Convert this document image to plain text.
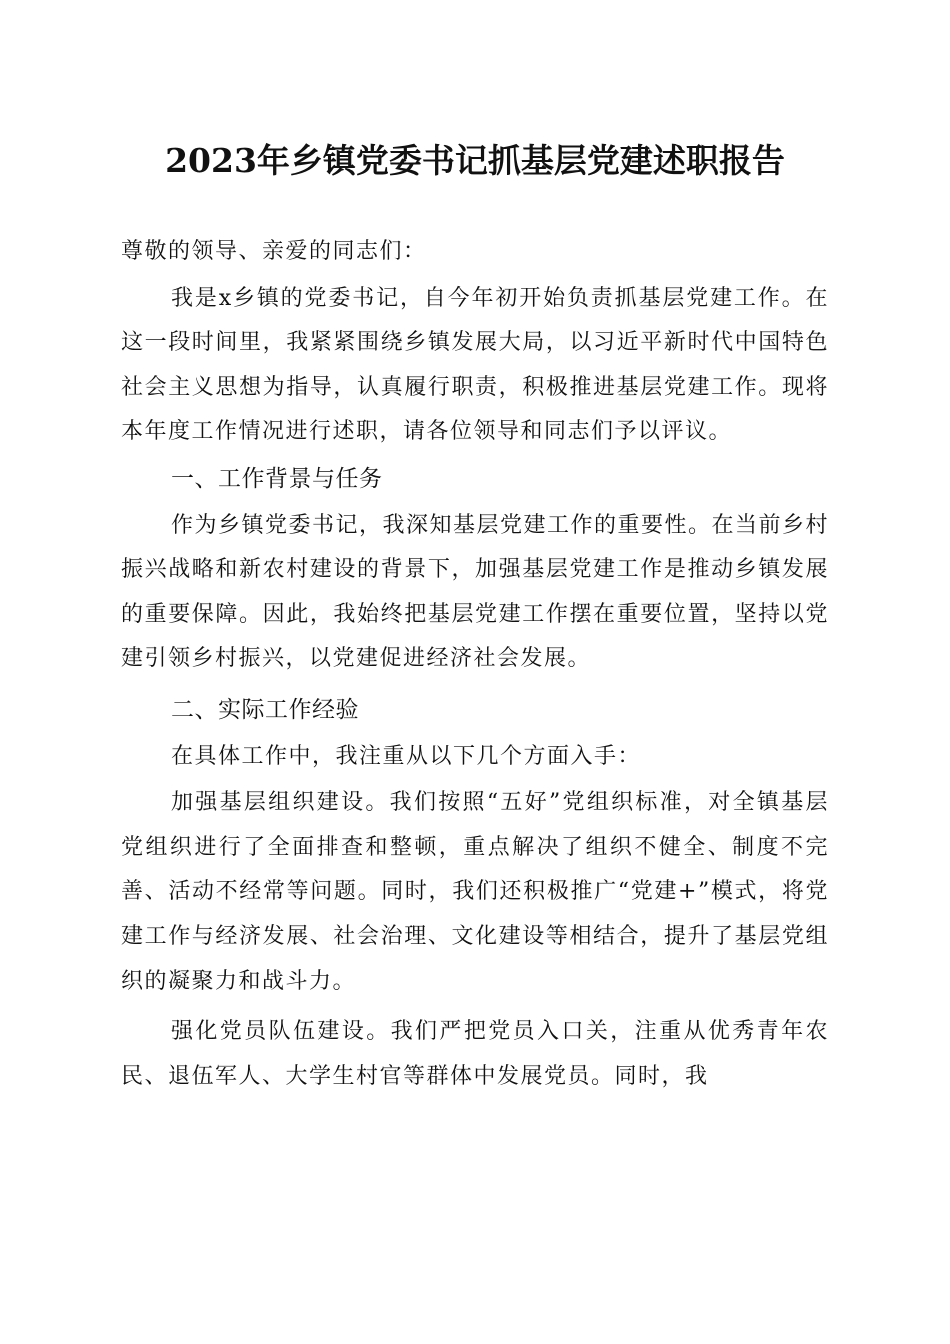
2023年乡镇党委书记抓基层党建述职报告

尊敬的领导、亲爱的同志们：

我是x乡镇的党委书记，自今年初开始负责抓基层党建工作。在这一段时间里，我紧紧围绕乡镇发展大局，以习近平新时代中国特色社会主义思想为指导，认真履行职责，积极推进基层党建工作。现将本年度工作情况进行述职，请各位领导和同志们予以评议。

一、工作背景与任务

作为乡镇党委书记，我深知基层党建工作的重要性。在当前乡村振兴战略和新农村建设的背景下，加强基层党建工作是推动乡镇发展的重要保障。因此，我始终把基层党建工作摆在重要位置，坚持以党建引领乡村振兴，以党建促进经济社会发展。

二、实际工作经验

在具体工作中，我注重从以下几个方面入手：

加强基层组织建设。我们按照“五好”党组织标准，对全镇基层党组织进行了全面排查和整顿，重点解决了组织不健全、制度不完善、活动不经常等问题。同时，我们还积极推广“党建+”模式，将党建工作与经济发展、社会治理、文化建设等相结合，提升了基层党组织的凝聚力和战斗力。

强化党员队伍建设。我们严把党员入口关，注重从优秀青年农民、退伍军人、大学生村官等群体中发展党员。同时，我
